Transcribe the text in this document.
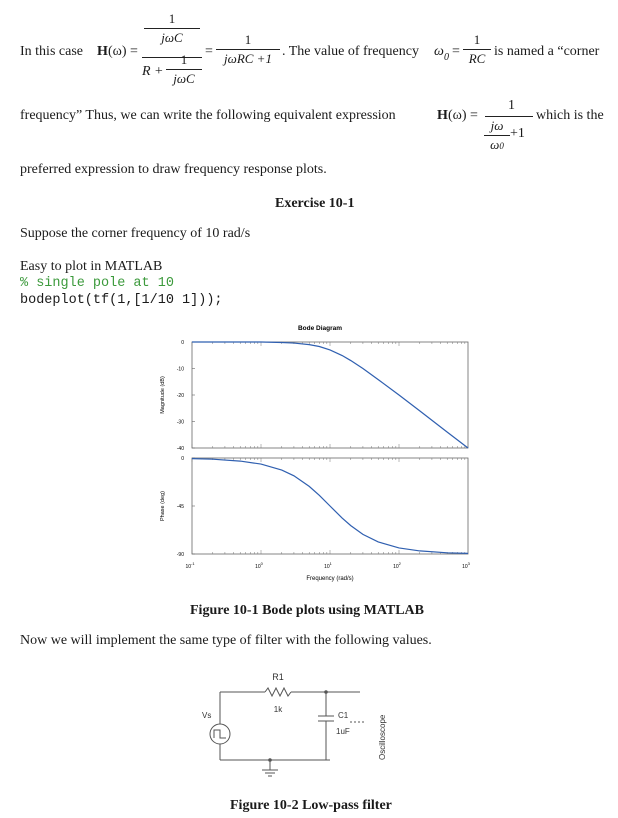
In this case H (ω) =
1
jωC
R +
1
jωC
=
1
jωRC +1 . The value of frequency ω 0 =
1
RC is named a “corner
frequency” Thus, we can write the following equivalent expression	H (ω) =
1
jω
ω0
+1
which is the
preferred expression to draw frequency response plots.
Exercise 10-1
Suppose the corner frequency of 10 rad/s
Easy to plot in MATLAB
% single pole at 10
bodeplot(tf(1,[1/10 1]));
Bode Diagram
0
-10
-20
-30
-40
Magnitude (dB)
0
-45
-90
Phase (deg)
$10^{-1}$
$10^0$
$10^1$
$10^2$
$10^3$
Frequency (rad/s)
Figure 10-1 Bode plots using MATLAB
Now we will implement the same type of filter with the following values.
R1
1k
C1
1uF
Vs	Oscilloscope
Figure 10-2 Low-pass filter
